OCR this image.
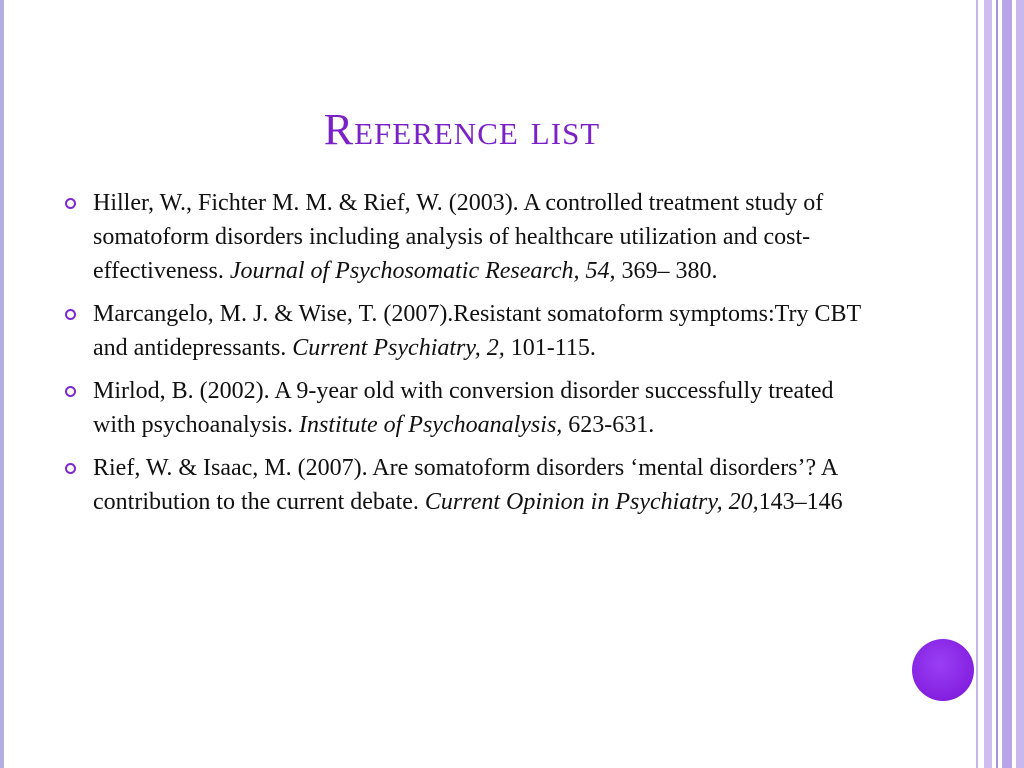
Reference list
Hiller, W., Fichter M. M. & Rief, W. (2003). A controlled treatment study of somatoform disorders including analysis of healthcare utilization and cost-effectiveness. Journal of Psychosomatic Research, 54, 369– 380.
Marcangelo, M. J. & Wise, T. (2007).Resistant somatoform symptoms:Try CBT and antidepressants. Current Psychiatry, 2, 101-115.
Mirlod, B. (2002). A 9-year old with conversion disorder successfully treated with psychoanalysis. Institute of Psychoanalysis, 623-631.
Rief, W. & Isaac, M. (2007). Are somatoform disorders ‘mental disorders’? A contribution to the current debate. Current Opinion in Psychiatry, 20,143–146
